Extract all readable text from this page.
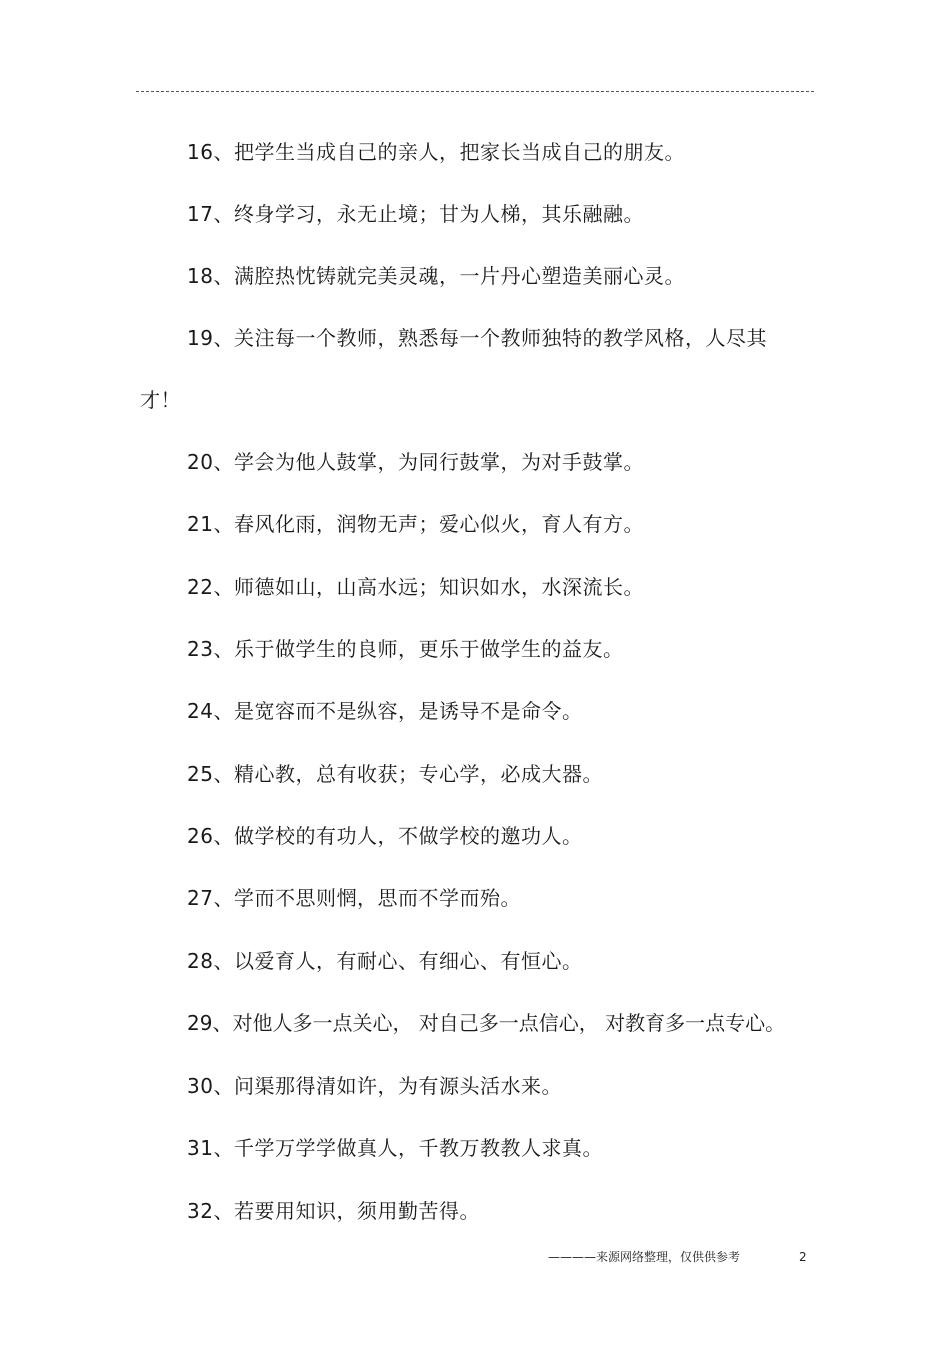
16、把学生当成自己的亲人，把家长当成自己的朋友。
17、终身学习，永无止境；甘为人梯，其乐融融。
18、满腔热忱铸就完美灵魂，一片丹心塑造美丽心灵。
19、关注每一个教师，熟悉每一个教师独特的教学风格，人尽其
才！
20、学会为他人鼓掌，为同行鼓掌，为对手鼓掌。
21、春风化雨，润物无声；爱心似火，育人有方。
22、师德如山，山高水远；知识如水，水深流长。
23、乐于做学生的良师，更乐于做学生的益友。
24、是宽容而不是纵容，是诱导不是命令。
25、精心教，总有收获；专心学，必成大器。
26、做学校的有功人，不做学校的邀功人。
27、学而不思则惘，思而不学而殆。
28、以爱育人，有耐心、有细心、有恒心。
29、对他人多一点关心， 对自己多一点信心， 对教育多一点专心。
30、问渠那得清如许，为有源头活水来。
31、千学万学学做真人，千教万教教人求真。
32、若要用知识，须用勤苦得。
————来源网络整理，仅供供参考	2
